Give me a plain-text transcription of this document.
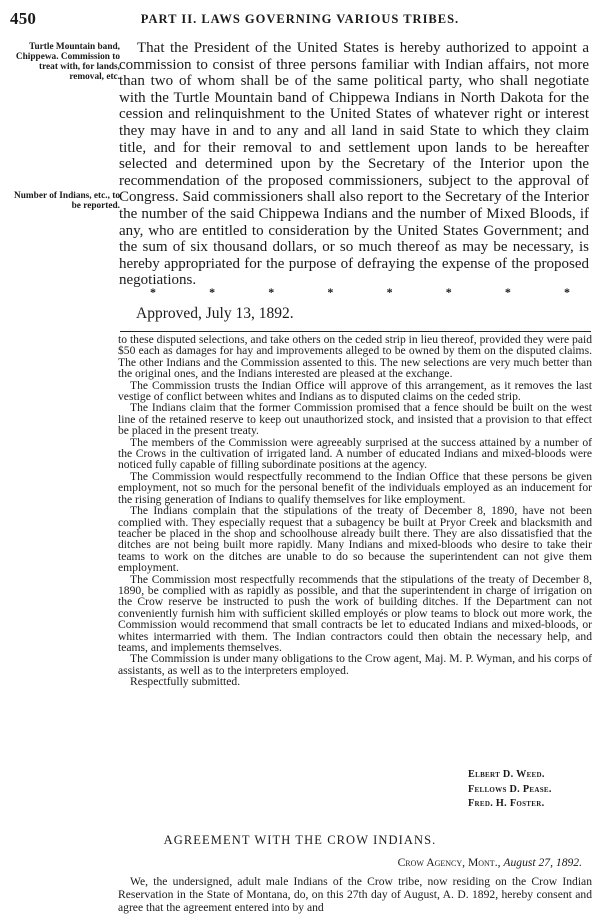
450	PART II. LAWS GOVERNING VARIOUS TRIBES.
Turtle Mountain band, Chippewa. Commission to treat with, for lands, removal, etc.
Number of Indians, etc., to be reported.

That the President of the United States is hereby authorized to appoint a commission to consist of three persons familiar with Indian affairs, not more than two of whom shall be of the same political party, who shall negotiate with the Turtle Mountain band of Chippewa Indians in North Dakota for the cession and relinquishment to the United States of whatever right or interest they may have in and to any and all land in said State to which they claim title, and for their removal to and settlement upon lands to be hereafter selected and determined upon by the Secretary of the Interior upon the recommendation of the proposed commissioners, subject to the approval of Congress. Said commissioners shall also report to the Secretary of the Interior the number of the said Chippewa Indians and the number of Mixed Bloods, if any, who are entitled to consideration by the United States Government; and the sum of six thousand dollars, or so much thereof as may be necessary, is hereby appropriated for the purpose of defraying the expense of the proposed negotiations.

*	*	*	*	*	*	*	*
Approved, July 13, 1892.

to these disputed selections, and take others on the ceded strip in lieu thereof, provided they were paid $50 each as damages for hay and improvements alleged to be owned by them on the disputed claims. The other Indians and the Commission assented to this. The new selections are very much better than the original ones, and the Indians interested are pleased at the exchange.

The Commission trusts the Indian Office will approve of this arrangement, as it removes the last vestige of conflict between whites and Indians as to disputed claims on the ceded strip.

The Indians claim that the former Commission promised that a fence should be built on the west line of the retained reserve to keep out unauthorized stock, and insisted that a provision to that effect be placed in the present treaty.

The members of the Commission were agreeably surprised at the success attained by a number of the Crows in the cultivation of irrigated land. A number of educated Indians and mixed-bloods were noticed fully capable of filling subordinate positions at the agency.

The Commission would respectfully recommend to the Indian Office that these persons be given employment, not so much for the personal benefit of the individuals employed as an inducement for the rising generation of Indians to qualify themselves for like employment.

The Indians complain that the stipulations of the treaty of December 8, 1890, have not been complied with. They especially request that a subagency be built at Pryor Creek and blacksmith and teacher be placed in the shop and schoolhouse already built there. They are also dissatisfied that the ditches are not being built more rapidly. Many Indians and mixed-bloods who desire to take their teams to work on the ditches are unable to do so because the superintendent can not give them employment.

The Commission most respectfully recommends that the stipulations of the treaty of December 8, 1890, be complied with as rapidly as possible, and that the superintendent in charge of irrigation on the Crow reserve be instructed to push the work of building ditches. If the Department can not conveniently furnish him with sufficient skilled employés or plow teams to block out more work, the Commission would recommend that small contracts be let to educated Indians and mixed-bloods, or whites intermarried with them. The Indian contractors could then obtain the necessary help, and teams, and implements themselves.

The Commission is under many obligations to the Crow agent, Maj. M. P. Wyman, and his corps of assistants, as well as to the interpreters employed.

Respectfully submitted.

Elbert D. Weed.
Fellows D. Pease.
Fred. H. Foster.
AGREEMENT WITH THE CROW INDIANS.
Crow Agency, Mont., August 27, 1892.

We, the undersigned, adult male Indians of the Crow tribe, now residing on the Crow Indian Reservation in the State of Montana, do, on this 27th day of August, A. D. 1892, hereby consent and agree that the agreement entered into by and
